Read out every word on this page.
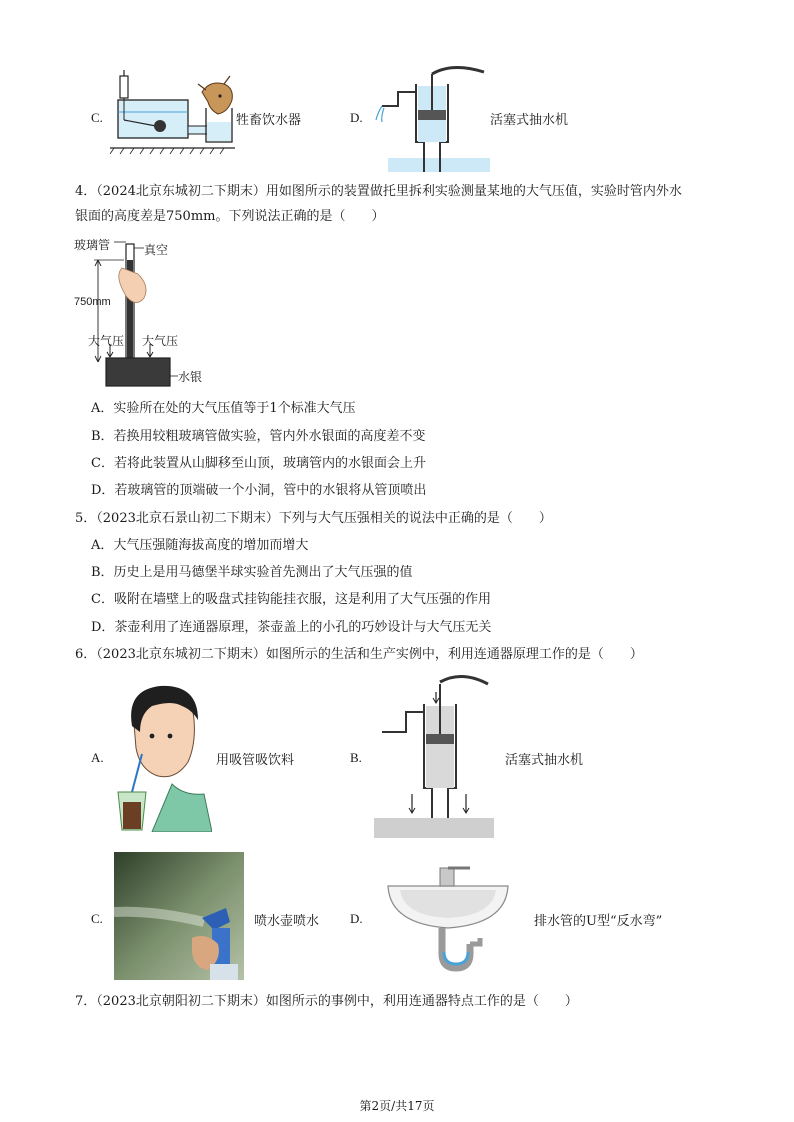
C.	牲畜饮水器	D.	活塞式抽水机
4．（2024北京东城初二下期末）用如图所示的装置做托里拆利实验测量某地的大气压值，实验时管内外水
银面的高度差是750mm。下列说法正确的是（　　）
玻璃管	真空
750mm
大气压 大气压
水银
A．实验所在处的大气压值等于1个标准大气压
B．若换用较粗玻璃管做实验，管内外水银面的高度差不变
C．若将此装置从山脚移至山顶，玻璃管内的水银面会上升
D．若玻璃管的顶端破一个小洞，管中的水银将从管顶喷出
5．（2023北京石景山初二下期末）下列与大气压强相关的说法中正确的是（　　）
A．大气压强随海拔高度的增加而增大
B．历史上是用马德堡半球实验首先测出了大气压强的值
C．吸附在墙壁上的吸盘式挂钩能挂衣服，这是利用了大气压强的作用
D．茶壶利用了连通器原理，茶壶盖上的小孔的巧妙设计与大气压无关
6．（2023北京东城初二下期末）如图所示的生活和生产实例中，利用连通器原理工作的是（　　）
A.	用吸管吸饮料	B.	活塞式抽水机
C.	喷水壶喷水 D.	排水管的U型“反水弯”
7．（2023北京朝阳初二下期末）如图所示的事例中，利用连通器特点工作的是（　　）
第2页/共17页
